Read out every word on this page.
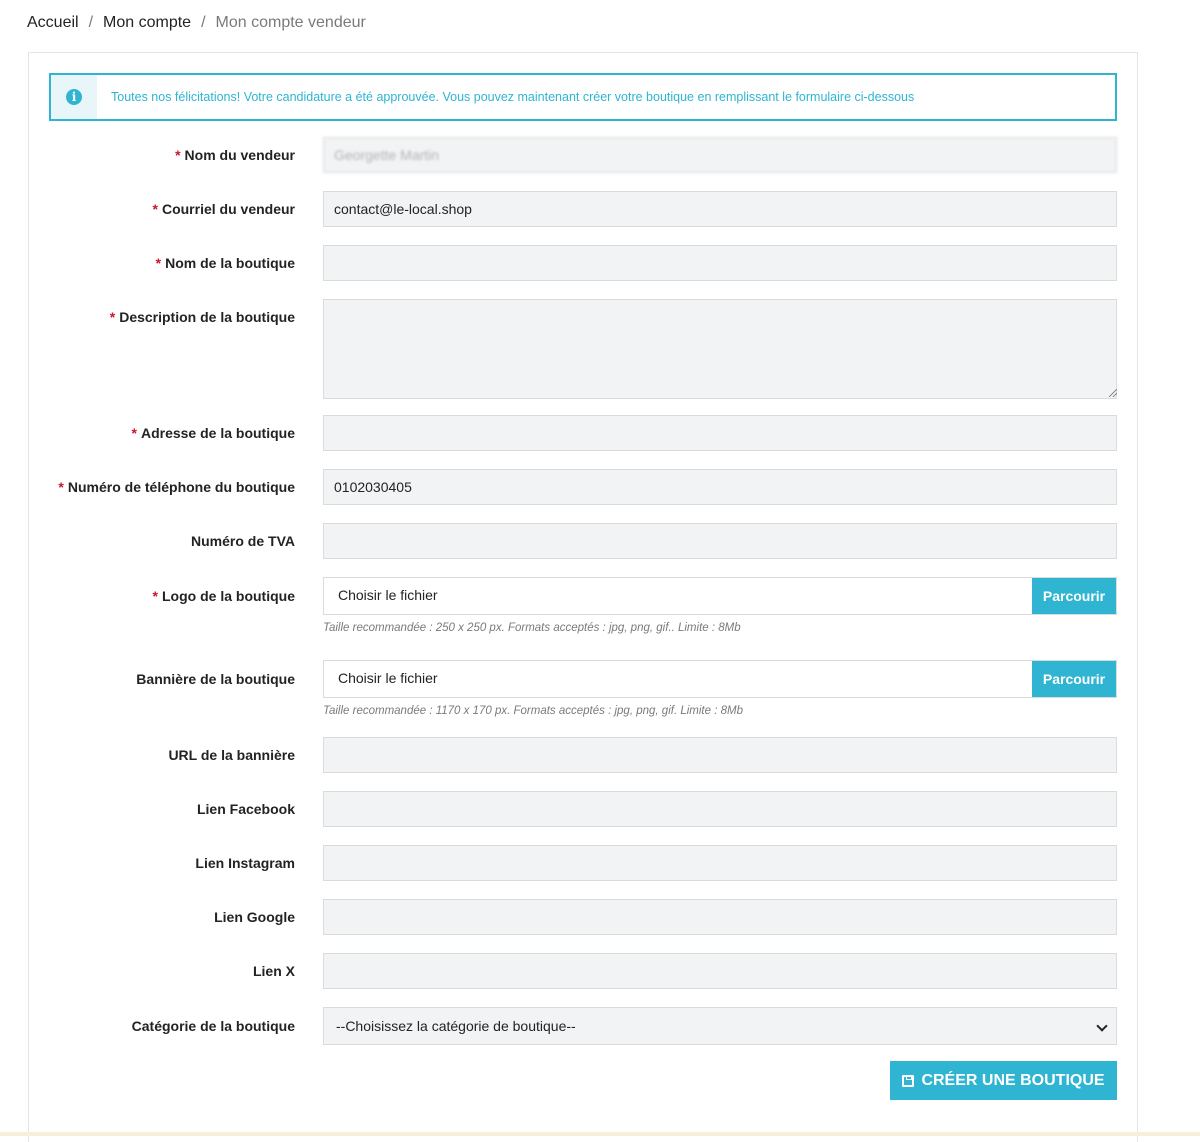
Accueil / Mon compte / Mon compte vendeur
i	Toutes nos félicitations! Votre candidature a été approuvée. Vous pouvez maintenant créer votre boutique en remplissant le formulaire ci-dessous
* Nom du vendeur	Georgette Martin
* Courriel du vendeur	contact@le-local.shop
* Nom de la boutique
* Description de la boutique
* Adresse de la boutique
* Numéro de téléphone du boutique	0102030405
Numéro de TVA
* Logo de la boutique	Choisir le fichier	Parcourir
Taille recommandée : 250 x 250 px. Formats acceptés : jpg, png, gif.. Limite : 8Mb
Bannière de la boutique	Choisir le fichier	Parcourir
Taille recommandée : 1170 x 170 px. Formats acceptés : jpg, png, gif. Limite : 8Mb
URL de la bannière
Lien Facebook
Lien Instagram
Lien Google
Lien X
Catégorie de la boutique	--Choisissez la catégorie de boutique--
CRÉER UNE BOUTIQUE
